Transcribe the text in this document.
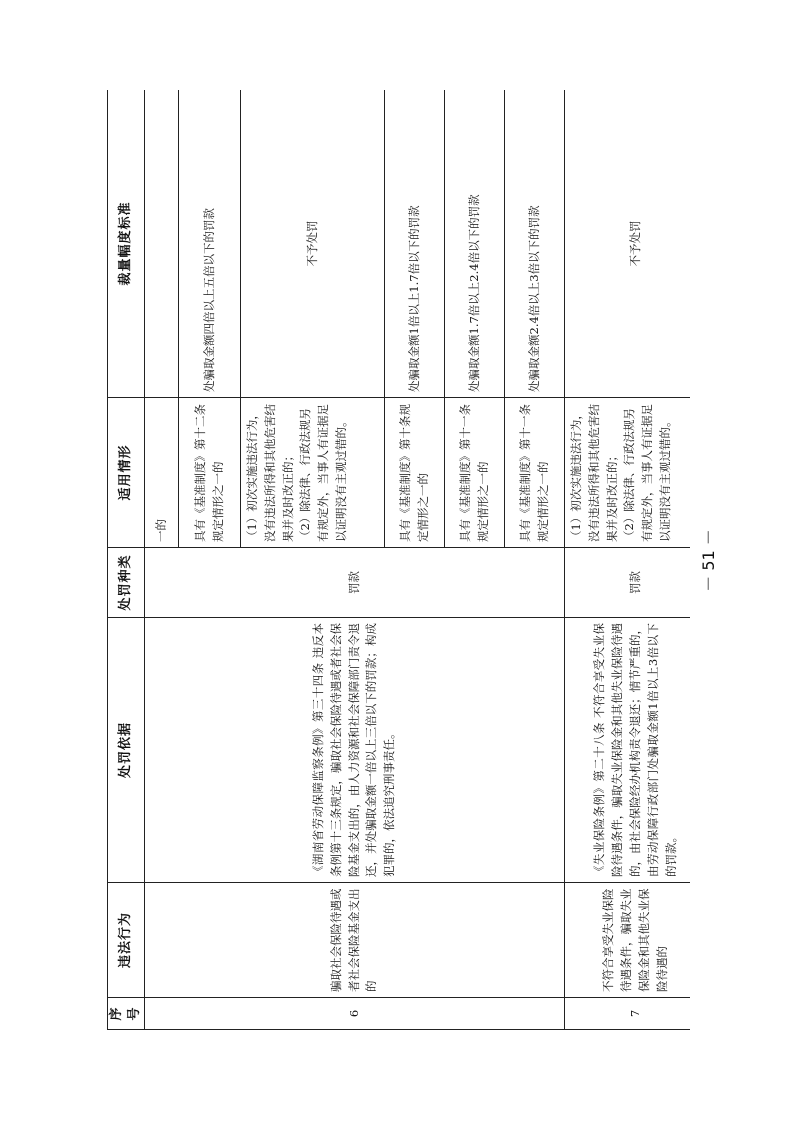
序号	违法行为	处罚依据	处罚种类	适用情形	裁量幅度标准
6	骗取社会保险待遇或者社会保险基金支出的	《湖南省劳动保障监察条例》第三十四条 违反本条例第十三条规定，骗取社会保险待遇或者社会保险基金支出的，由人力资源和社会保障部门责令退还，并处骗取金额一倍以上三倍以下的罚款；构成犯罪的，依法追究刑事责任。	罚款	一的	
				具有《基准制度》第十二条规定情形之一的	处骗取金额四倍以上五倍以下的罚款

				（1）初次实施违法行为，没有违法所得和其他危害结果并及时改正的； （2）除法律、行政法规另有规定外，当事人有证据足以证明没有主观过错的。	不予处罚
				具有《基准制度》第十条规定情形之一的	处骗取金额1倍以上1.7倍以下的罚款
				具有《基准制度》第十一条规定情形之一的	处骗取金额1.7倍以上2.4倍以下的罚款
				具有《基准制度》第十一条规定情形之一的	处骗取金额2.4倍以上3倍以下的罚款
7	不符合享受失业保险待遇条件，骗取失业保险金和其他失业保险待遇的	《失业保险条例》第二十八条 不符合享受失业保险待遇条件，骗取失业保险金和其他失业保险待遇的，由社会保险经办机构责令退还；情节严重的，由劳动保障行政部门处骗取金额1倍以上3倍以下的罚款。	罚款	（1）初次实施违法行为，没有违法所得和其他危害结果并及时改正的； （2）除法律、行政法规另有规定外，当事人有证据足以证明没有主观过错的。	不予处罚
－ 51 －
